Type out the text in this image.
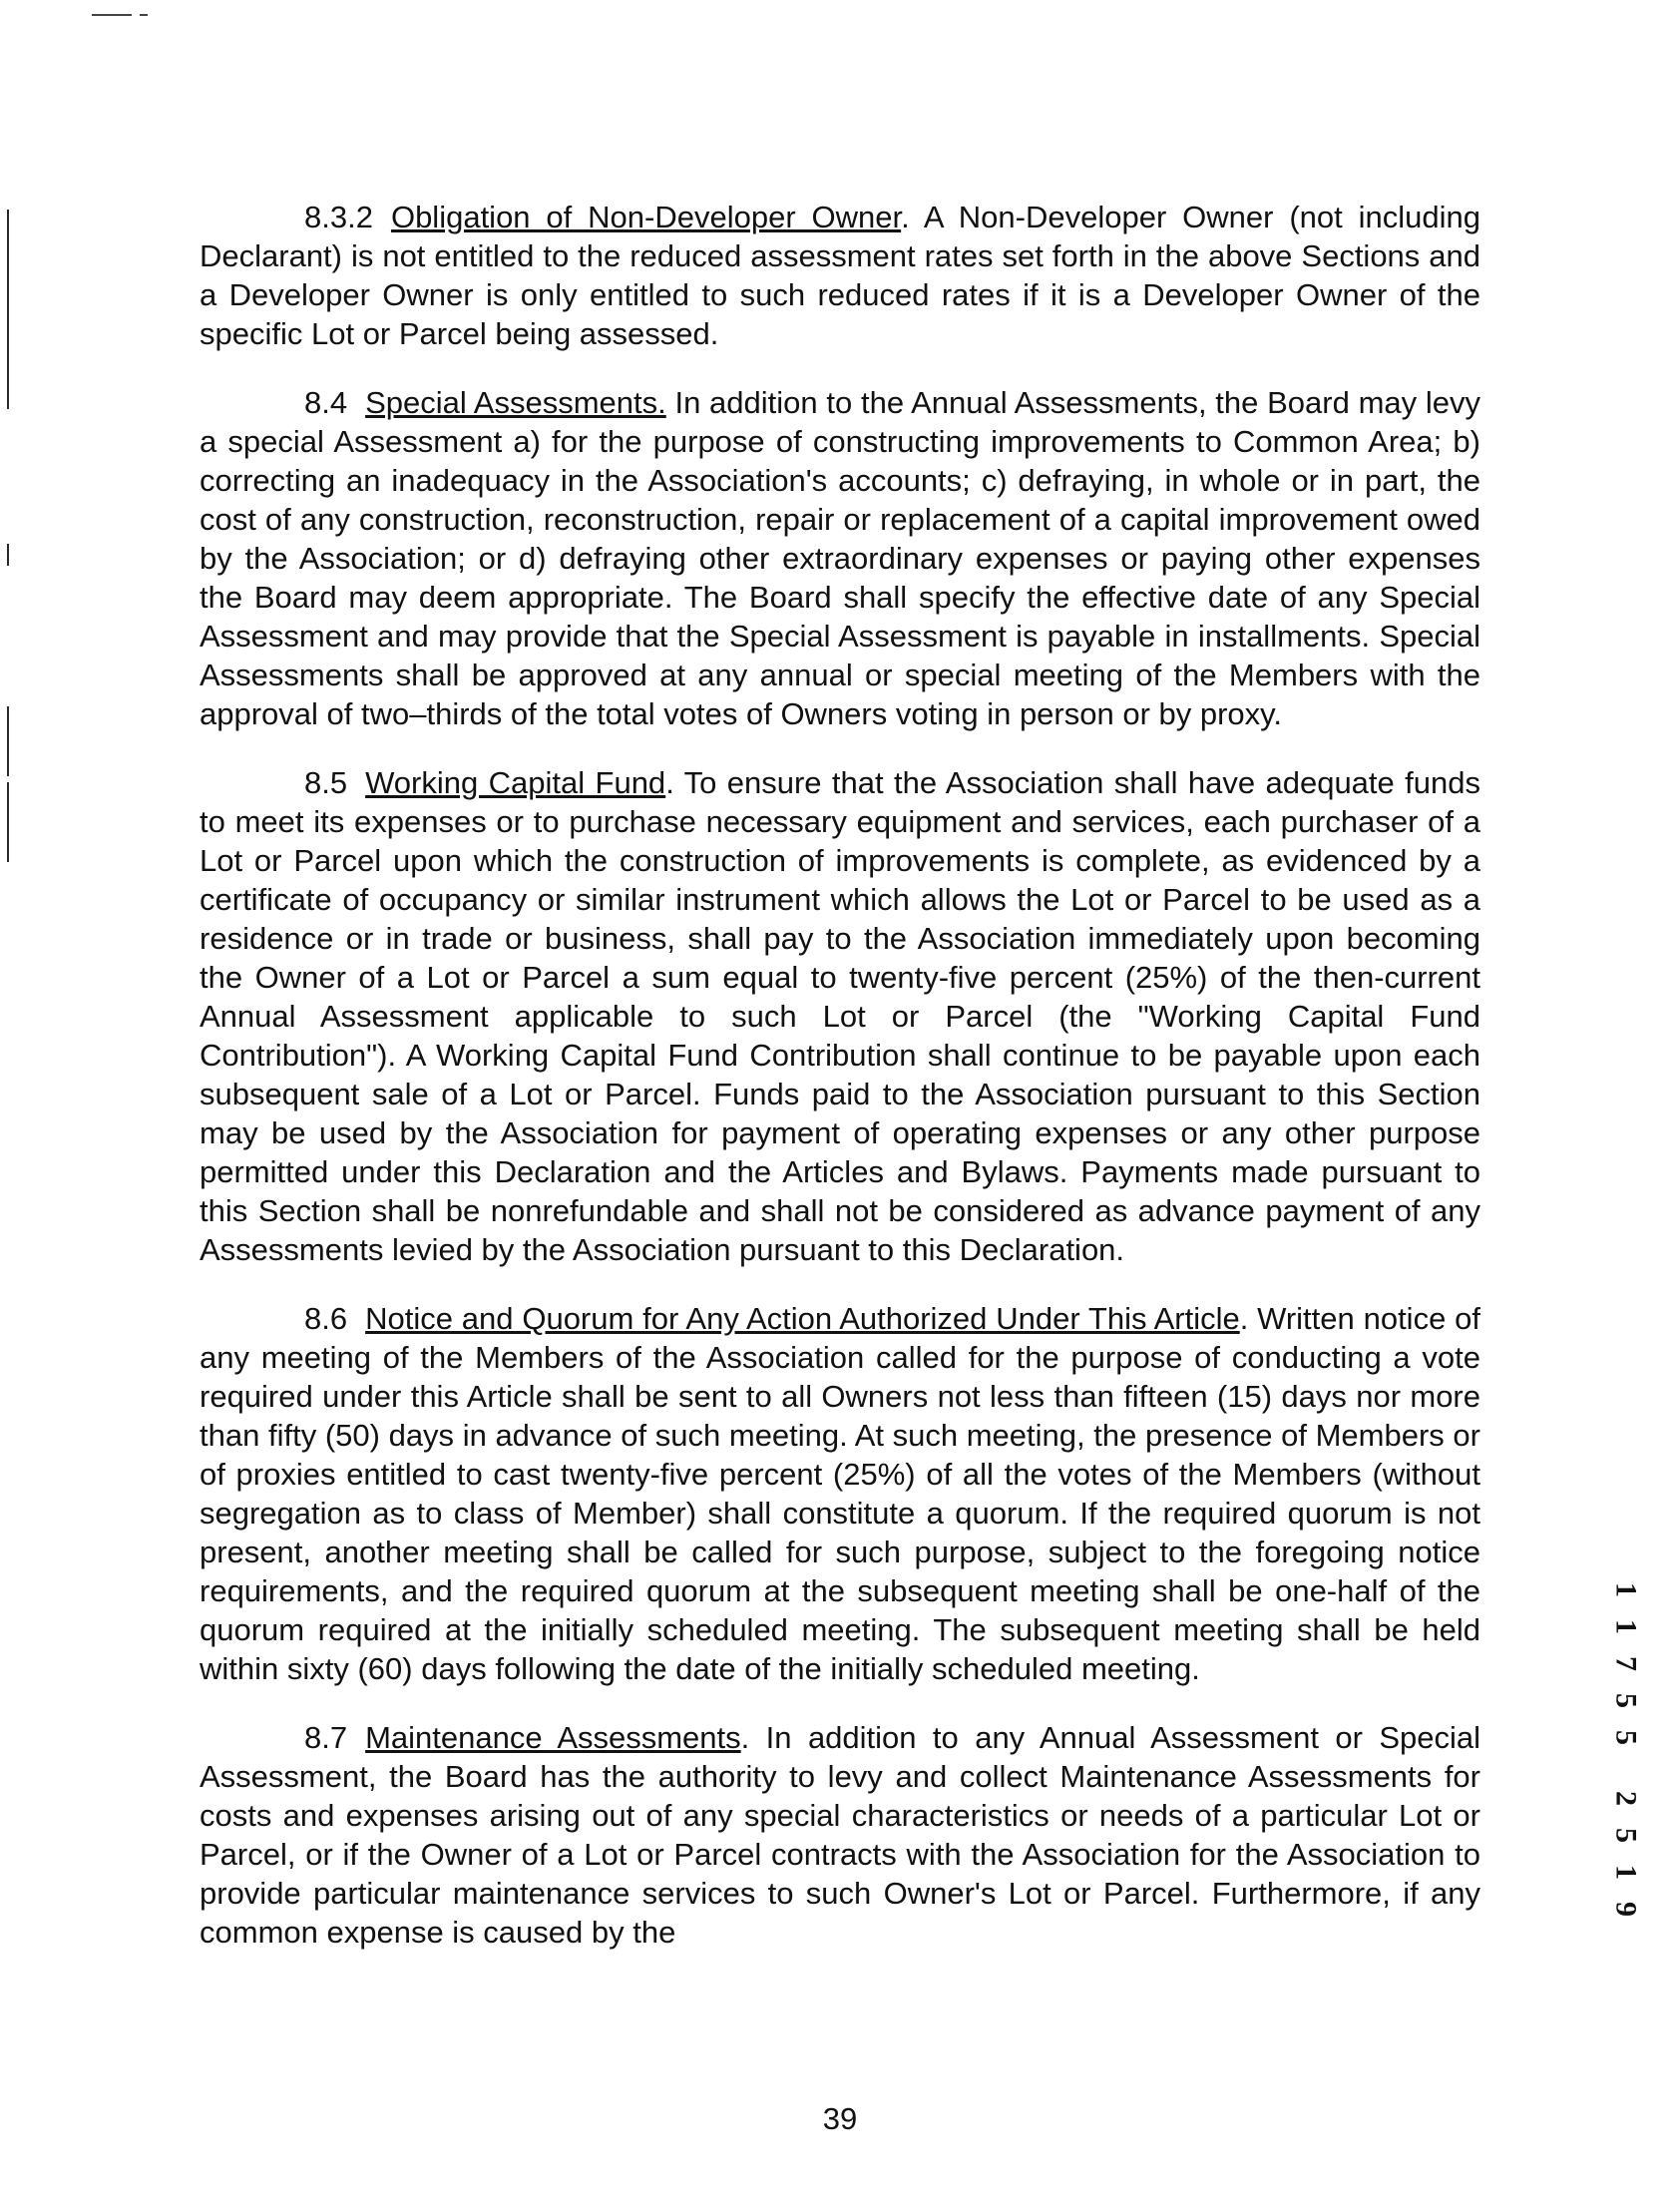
8.3.2 Obligation of Non-Developer Owner. A Non-Developer Owner (not including Declarant) is not entitled to the reduced assessment rates set forth in the above Sections and a Developer Owner is only entitled to such reduced rates if it is a Developer Owner of the specific Lot or Parcel being assessed.

8.4 Special Assessments. In addition to the Annual Assessments, the Board may levy a special Assessment a) for the purpose of constructing improvements to Common Area; b) correcting an inadequacy in the Association's accounts; c) defraying, in whole or in part, the cost of any construction, reconstruction, repair or replacement of a capital improvement owed by the Association; or d) defraying other extraordinary expenses or paying other expenses the Board may deem appropriate. The Board shall specify the effective date of any Special Assessment and may provide that the Special Assessment is payable in installments. Special Assessments shall be approved at any annual or special meeting of the Members with the approval of two–thirds of the total votes of Owners voting in person or by proxy.

8.5 Working Capital Fund. To ensure that the Association shall have adequate funds to meet its expenses or to purchase necessary equipment and services, each purchaser of a Lot or Parcel upon which the construction of improvements is complete, as evidenced by a certificate of occupancy or similar instrument which allows the Lot or Parcel to be used as a residence or in trade or business, shall pay to the Association immediately upon becoming the Owner of a Lot or Parcel a sum equal to twenty-five percent (25%) of the then-current Annual Assessment applicable to such Lot or Parcel (the "Working Capital Fund Contribution"). A Working Capital Fund Contribution shall continue to be payable upon each subsequent sale of a Lot or Parcel. Funds paid to the Association pursuant to this Section may be used by the Association for payment of operating expenses or any other purpose permitted under this Declaration and the Articles and Bylaws. Payments made pursuant to this Section shall be nonrefundable and shall not be considered as advance payment of any Assessments levied by the Association pursuant to this Declaration.

8.6 Notice and Quorum for Any Action Authorized Under This Article. Written notice of any meeting of the Members of the Association called for the purpose of conducting a vote required under this Article shall be sent to all Owners not less than fifteen (15) days nor more than fifty (50) days in advance of such meeting. At such meeting, the presence of Members or of proxies entitled to cast twenty-five percent (25%) of all the votes of the Members (without segregation as to class of Member) shall constitute a quorum. If the required quorum is not present, another meeting shall be called for such purpose, subject to the foregoing notice requirements, and the required quorum at the subsequent meeting shall be one-half of the quorum required at the initially scheduled meeting. The subsequent meeting shall be held within sixty (60) days following the date of the initially scheduled meeting.

8.7 Maintenance Assessments. In addition to any Annual Assessment or Special Assessment, the Board has the authority to levy and collect Maintenance Assessments for costs and expenses arising out of any special characteristics or needs of a particular Lot or Parcel, or if the Owner of a Lot or Parcel contracts with the Association for the Association to provide particular maintenance services to such Owner's Lot or Parcel. Furthermore, if any common expense is caused by the

39
1
1
7
5
5
2
5
1
9
